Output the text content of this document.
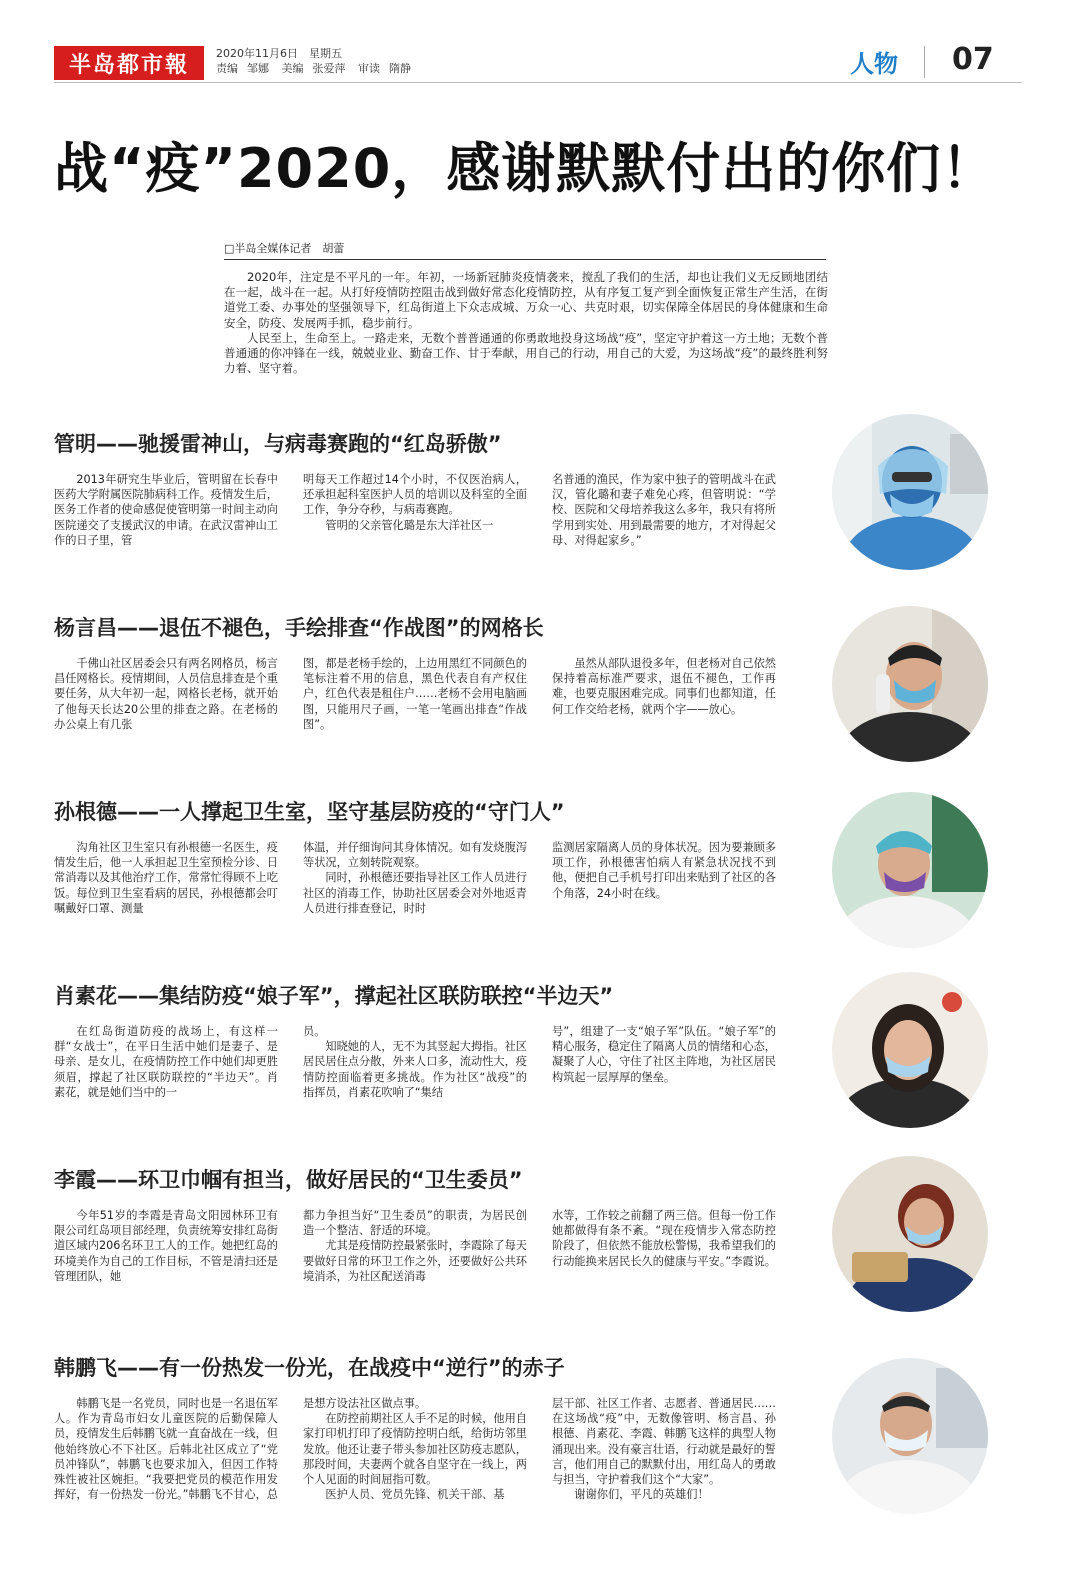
半岛都市報	2020年11月6日　 星期五
责编 邹娜 美编 张爱萍 审读 隋静	人物 07
战“疫”2020，感谢默默付出的你们！
□半岛全媒体记者　胡蕾

2020年，注定是不平凡的一年。年初，一场新冠肺炎疫情袭来，搅乱了我们的生活，却也让我们义无反顾地团结在一起，战斗在一起。从打好疫情防控阻击战到做好常态化疫情防控，从有序复工复产到全面恢复正常生产生活，在街道党工委、办事处的坚强领导下，红岛街道上下众志成城、万众一心、共克时艰，切实保障全体居民的身体健康和生命安全，防疫、发展两手抓，稳步前行。

人民至上，生命至上。一路走来，无数个普普通通的你勇敢地投身这场战“疫”，坚定守护着这一方土地；无数个普普通通的你冲锋在一线，兢兢业业、勤奋工作、甘于奉献，用自己的行动，用自己的大爱，为这场战“疫”的最终胜利努力着、坚守着。

管明——驰援雷神山，与病毒赛跑的“红岛骄傲”

2013年研究生毕业后，管明留在长春中医药大学附属医院肺病科工作。疫情发生后，医务工作者的使命感促使管明第一时间主动向医院递交了支援武汉的申请。在武汉雷神山工作的日子里，管

明每天工作超过14个小时，不仅医治病人，还承担起科室医护人员的培训以及科室的全面工作，争分夺秒，与病毒赛跑。

管明的父亲管化璐是东大洋社区一

名普通的渔民，作为家中独子的管明战斗在武汉，管化璐和妻子难免心疼，但管明说：“学校、医院和父母培养我这么多年，我只有将所学用到实处、用到最需要的地方，才对得起父母、对得起家乡。”

杨言昌——退伍不褪色，手绘排查“作战图”的网格长

千佛山社区居委会只有两名网格员，杨言昌任网格长。疫情期间，人员信息排查是个重要任务，从大年初一起，网格长老杨，就开始了他每天长达20公里的排查之路。在老杨的办公桌上有几张

图，都是老杨手绘的，上边用黑红不同颜色的笔标注着不用的信息，黑色代表自有产权住户，红色代表是租住户……老杨不会用电脑画图，只能用尺子画，一笔一笔画出排查“作战图”。

虽然从部队退役多年，但老杨对自己依然保持着高标准严要求，退伍不褪色，工作再难，也要克服困难完成。同事们也都知道，任何工作交给老杨，就两个字——放心。

孙根德——一人撑起卫生室，坚守基层防疫的“守门人”

沟角社区卫生室只有孙根德一名医生，疫情发生后，他一人承担起卫生室预检分诊、日常消毒以及其他治疗工作，常常忙得顾不上吃饭。每位到卫生室看病的居民，孙根德都会叮嘱戴好口罩、测量

体温，并仔细询问其身体情况。如有发烧腹泻等状况，立刻转院观察。

同时，孙根德还要指导社区工作人员进行社区的消毒工作，协助社区居委会对外地返青人员进行排查登记，时时

监测居家隔离人员的身体状况。因为要兼顾多项工作，孙根德害怕病人有紧急状况找不到他，便把自己手机号打印出来贴到了社区的各个角落，24小时在线。

肖素花——集结防疫“娘子军”，撑起社区联防联控“半边天”

在红岛街道防疫的战场上，有这样一群“女战士”，在平日生活中她们是妻子、是母亲、是女儿，在疫情防控工作中她们却更胜须眉，撑起了社区联防联控的“半边天”。肖素花，就是她们当中的一

员。

知晓她的人，无不为其竖起大拇指。社区居民居住点分散，外来人口多，流动性大，疫情防控面临着更多挑战。作为社区“战疫”的指挥员，肖素花吹响了“集结

号”，组建了一支“娘子军”队伍。“娘子军”的精心服务，稳定住了隔离人员的情绪和心态，凝聚了人心，守住了社区主阵地，为社区居民构筑起一层厚厚的堡垒。

李霞——环卫巾帼有担当，做好居民的“卫生委员”

今年51岁的李霞是青岛文阳园林环卫有限公司红岛项目部经理，负责统筹安排红岛街道区域内206名环卫工人的工作。她把红岛的环境美作为自己的工作目标，不管是清扫还是管理团队，她

都力争担当好“卫生委员”的职责，为居民创造一个整洁、舒适的环境。

尤其是疫情防控最紧张时，李霞除了每天要做好日常的环卫工作之外，还要做好公共环境消杀，为社区配送消毒

水等，工作较之前翻了两三倍。但每一份工作她都做得有条不紊。“现在疫情步入常态防控阶段了，但依然不能放松警惕，我希望我们的行动能换来居民长久的健康与平安。”李霞说。

韩鹏飞——有一份热发一份光，在战疫中“逆行”的赤子

韩鹏飞是一名党员，同时也是一名退伍军人。作为青岛市妇女儿童医院的后勤保障人员，疫情发生后韩鹏飞就一直奋战在一线，但他始终放心不下社区。后韩北社区成立了“党员冲锋队”，韩鹏飞也要求加入，但因工作特殊性被社区婉拒。“我要把党员的模范作用发挥好，有一份热发一份光。”韩鹏飞不甘心，总

是想方设法社区做点事。

在防控前期社区人手不足的时候，他用自家打印机打印了疫情防控明白纸，给街坊邻里发放。他还让妻子带头参加社区防疫志愿队，那段时间，夫妻两个就各自坚守在一线上，两个人见面的时间屈指可数。

医护人员、党员先锋、机关干部、基

层干部、社区工作者、志愿者、普通居民……在这场战“疫”中，无数像管明、杨言昌、孙根德、肖素花、李霞、韩鹏飞这样的典型人物涌现出来。没有豪言壮语，行动就是最好的誓言，他们用自己的默默付出，用红岛人的勇敢与担当，守护着我们这个“大家”。

谢谢你们，平凡的英雄们！
